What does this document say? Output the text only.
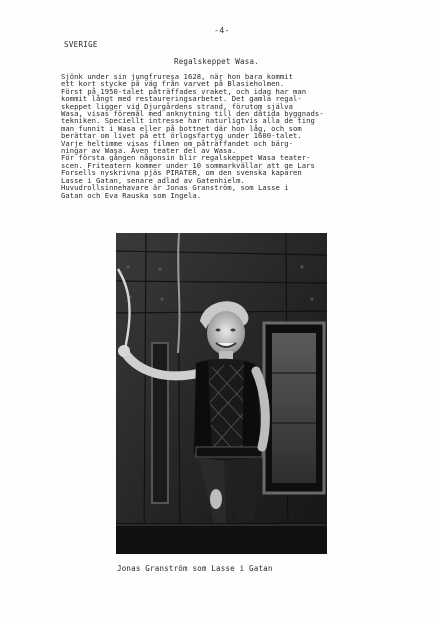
-4-
SVERIGE
Regalskeppet Wasa.
Sjönk under sin jungfruresa 1628, när hon bara kommit
ett kort stycke på väg från varvet på Blasieholmen.
Först på 1950-talet påträffades vraket, och idag har man
kommit långt med restaureringsarbetet. Det gamla regal-
skeppet ligger vid Djurgårdens strand, förutom själva
Wasa, visas föremål med anknytning till den dåtida byggnads-
tekniken. Speciellt intresse har naturligtvis alla de ting
man funnit i Wasa eller på bottnet där hon låg, och som
berättar om livet på ett örlogsfartyg under 1600-talet.
Varje heltimme visas filmen om påträffandet och bärg-
ningar av Wasa. Även teater del av Wasa.
För första gången någonsin blir regalskeppet Wasa teater-
scen. Friteatern kommer under 10 sommarkvällar att ge Lars
Forsells nyskrivna pjäs PIRATER, om den svenska kaparen
Lasse i Gatan, senare adlad av Gatenhielm.
Huvudrollsinnehavare är Jonas Granström, som Lasse i
Gatan och Eva Rauska som Ingela.
Jonas Granström som Lasse i Gatan
